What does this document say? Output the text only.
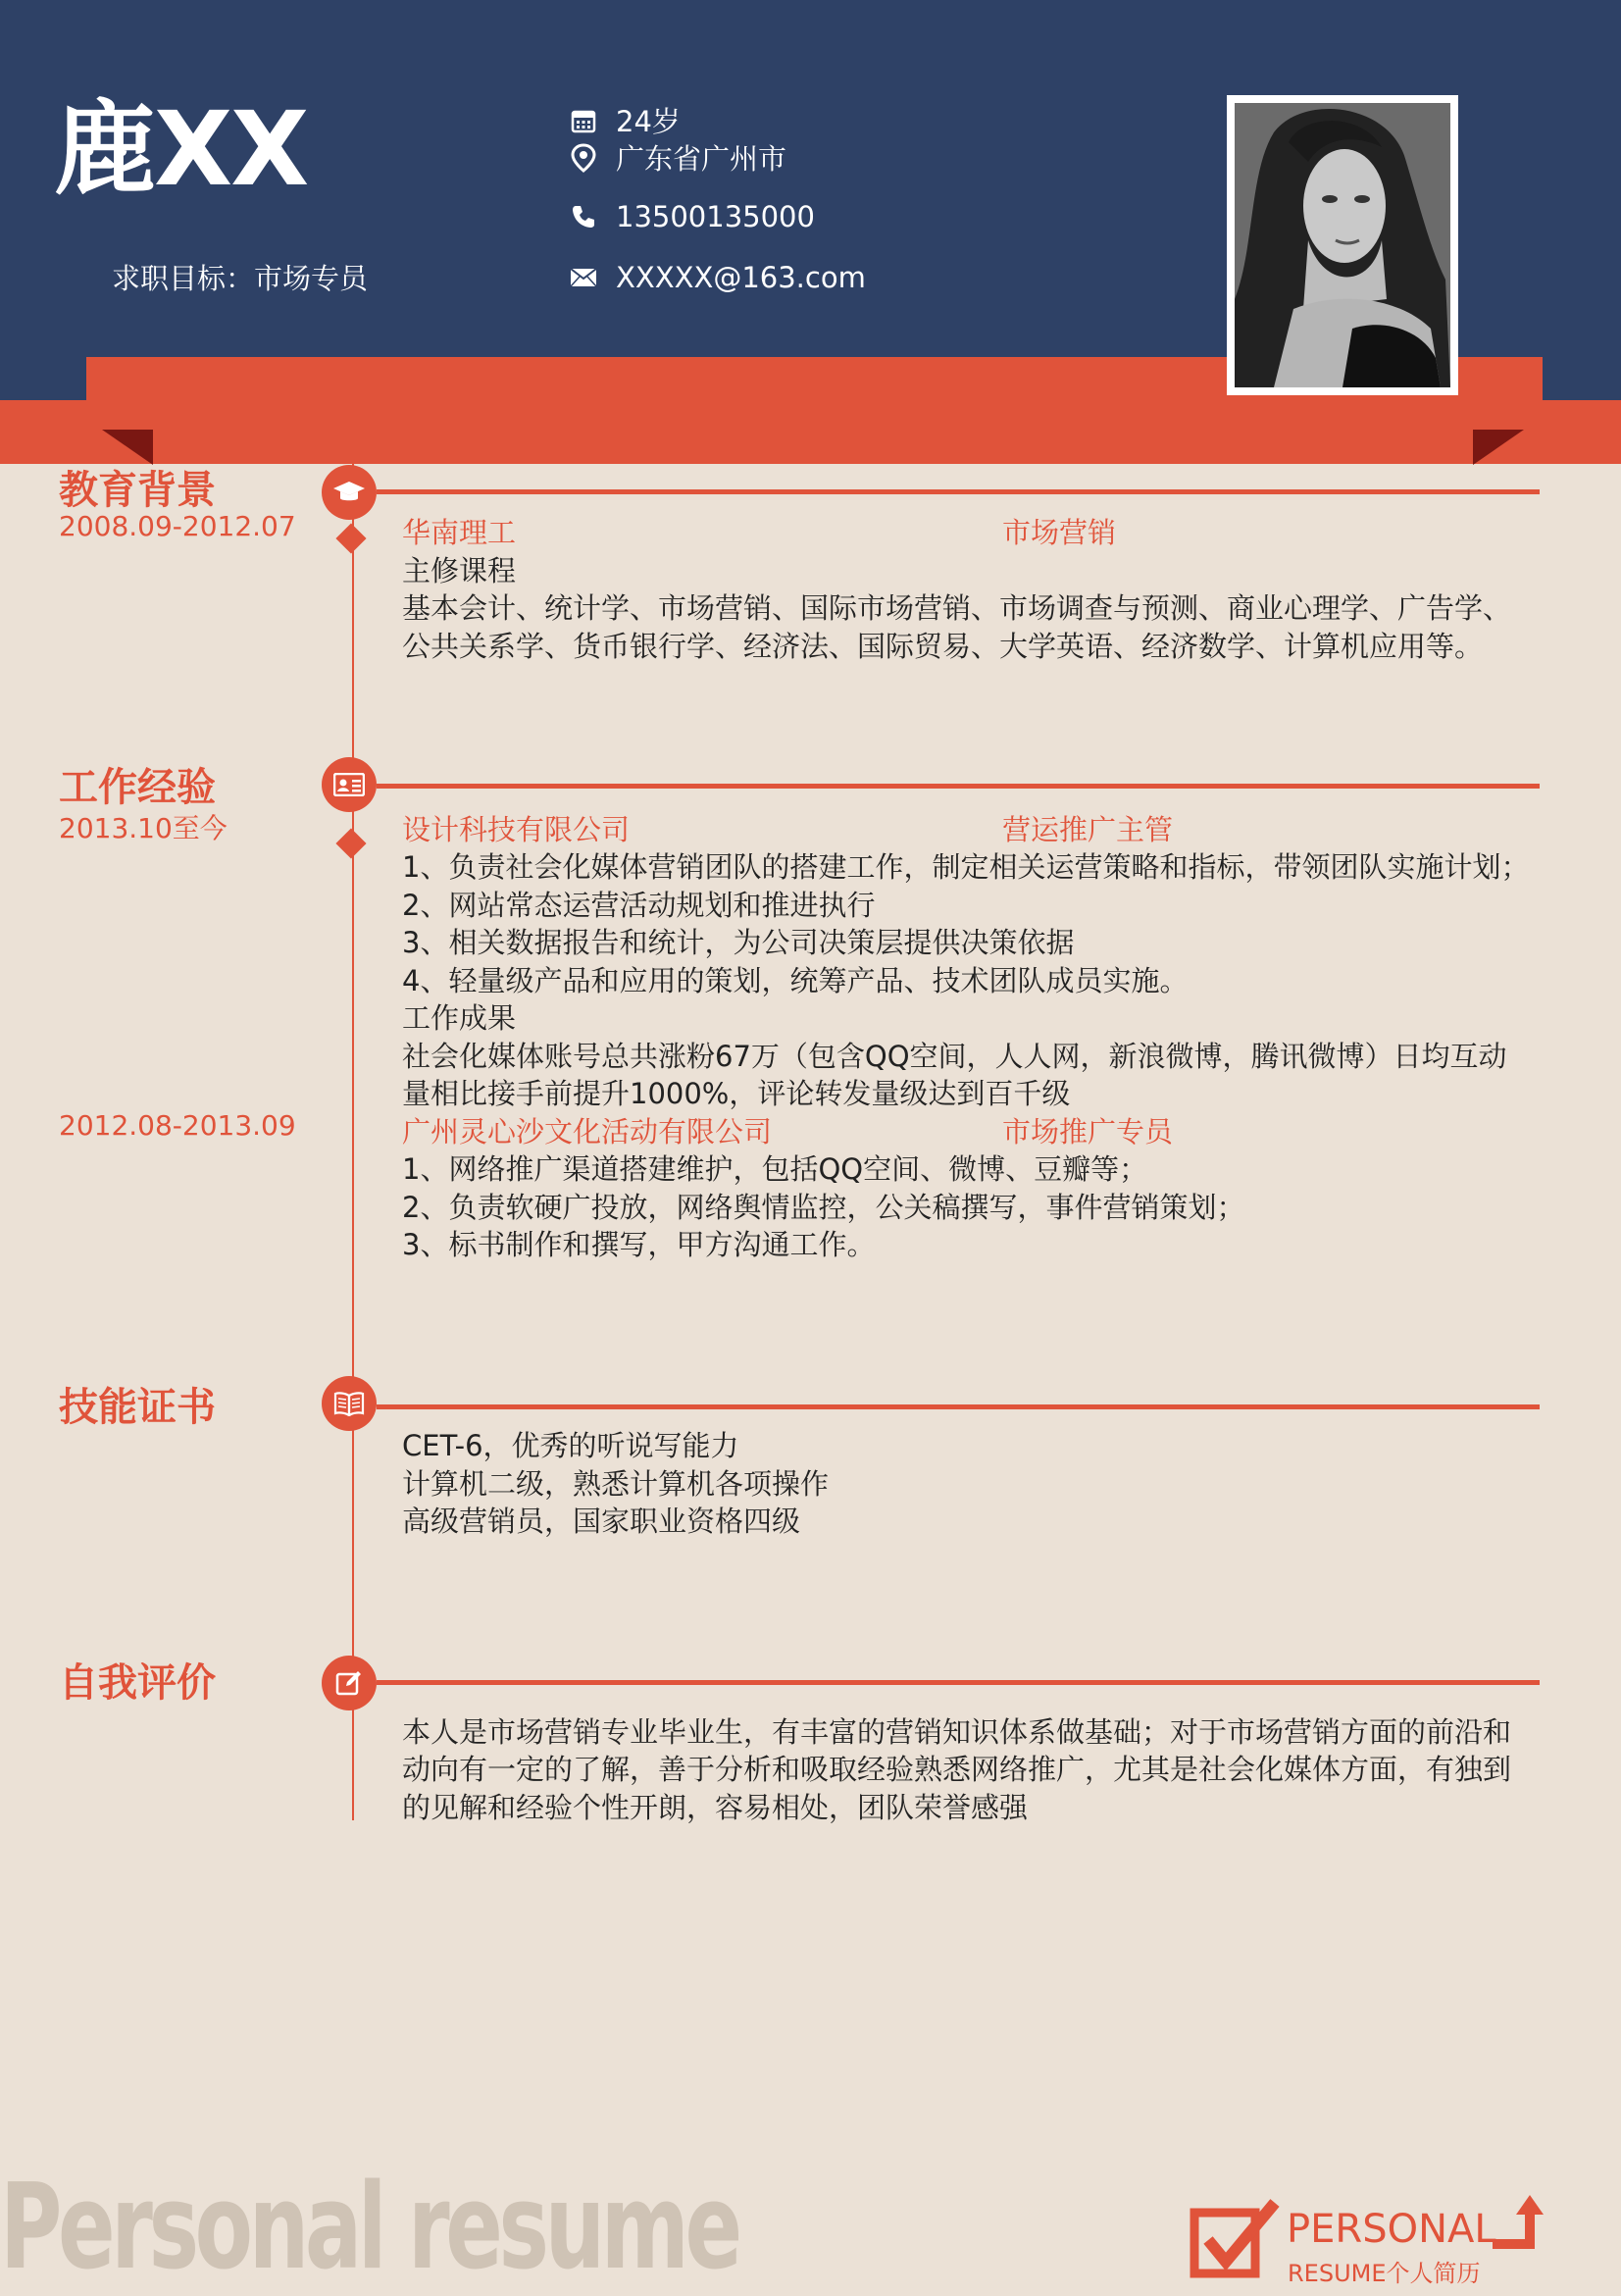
鹿XX
求职目标：市场专员
24岁
广东省广州市
13500135000
XXXXX@163.com
教育背景
2008.09-2012.07	华南理工	市场营销
主修课程
基本会计、统计学、市场营销、国际市场营销、市场调查与预测、商业心理学、广告学、
公共关系学、货币银行学、经济法、国际贸易、大学英语、经济数学、计算机应用等。
工作经验
2013.10至今	设计科技有限公司	营运推广主管
1、负责社会化媒体营销团队的搭建工作，制定相关运营策略和指标，带领团队实施计划；
2、网站常态运营活动规划和推进执行
3、相关数据报告和统计，为公司决策层提供决策依据
4、轻量级产品和应用的策划，统筹产品、技术团队成员实施。
工作成果
社会化媒体账号总共涨粉67万（包含QQ空间，人人网，新浪微博，腾讯微博）日均互动
量相比接手前提升1000%，评论转发量级达到百千级
2012.08-2013.09	广州灵心沙文化活动有限公司	市场推广专员
1、网络推广渠道搭建维护，包括QQ空间、微博、豆瓣等；
2、负责软硬广投放，网络舆情监控，公关稿撰写，事件营销策划；
3、标书制作和撰写，甲方沟通工作。
技能证书
CET-6，优秀的听说写能力
计算机二级，熟悉计算机各项操作
高级营销员，国家职业资格四级
自我评价
本人是市场营销专业毕业生，有丰富的营销知识体系做基础；对于市场营销方面的前沿和
动向有一定的了解，善于分析和吸取经验熟悉网络推广，尤其是社会化媒体方面，有独到
的见解和经验个性开朗，容易相处，团队荣誉感强
Personal resume	PERSONAL
RESUME个人简历
